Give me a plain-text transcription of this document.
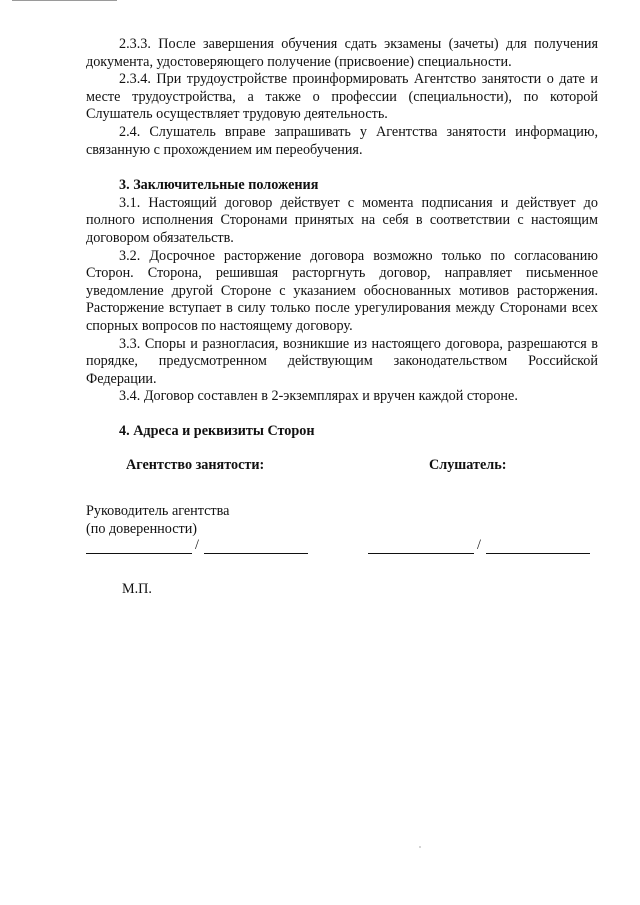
2.3.3. После завершения обучения сдать экзамены (зачеты) для получения документа, удостоверяющего получение (присвоение) специальности.

2.3.4. При трудоустройстве проинформировать Агентство занятости о дате и месте трудоустройства, а также о профессии (специальности), по которой Слушатель осуществляет трудовую деятельность.

2.4. Слушатель вправе запрашивать у Агентства занятости информацию, связанную с прохождением им переобучения.

3. Заключительные положения

3.1. Настоящий договор действует с момента подписания и действует до полного исполнения Сторонами принятых на себя в соответствии с настоящим договором обязательств.

3.2. Досрочное расторжение договора возможно только по согласованию Сторон. Сторона, решившая расторгнуть договор, направляет письменное уведомление другой Стороне с указанием обоснованных мотивов расторжения. Расторжение вступает в силу только после урегулирования между Сторонами всех спорных вопросов по настоящему договору.

3.3. Споры и разногласия, возникшие из настоящего договора, разрешаются в порядке, предусмотренном действующим законодательством Российской Федерации.

3.4. Договор составлен в 2-экземплярах и вручен каждой стороне.

4. Адреса и реквизиты Сторон

Агентство занятости:	Слушатель:
Руководитель агентства
(по доверенности)
/	/
М.П.
